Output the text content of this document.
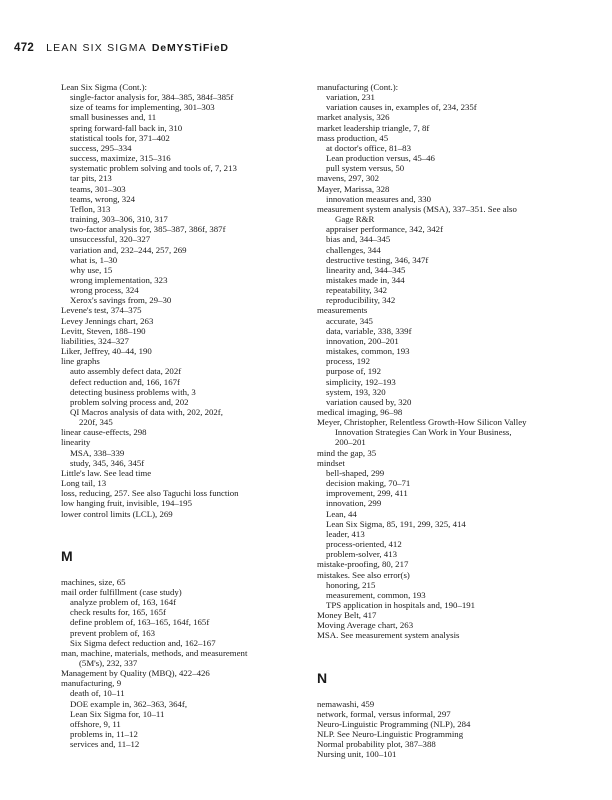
472 LEAN SIX SIGMA DeMYSTiFieD
Lean Six Sigma (Cont.):
single-factor analysis for, 384–385, 384f–385f
size of teams for implementing, 301–303
small businesses and, 11
spring forward-fall back in, 310
statistical tools for, 371–402
success, 295–334
success, maximize, 315–316
systematic problem solving and tools of, 7, 213
tar pits, 213
teams, 301–303
teams, wrong, 324
Teflon, 313
training, 303–306, 310, 317
two-factor analysis for, 385–387, 386f, 387f
unsuccessful, 320–327
variation and, 232–244, 257, 269
what is, 1–30
why use, 15
wrong implementation, 323
wrong process, 324
Xerox's savings from, 29–30
Levene's test, 374–375
Levey Jennings chart, 263
Levitt, Steven, 188–190
liabilities, 324–327
Liker, Jeffrey, 40–44, 190
line graphs
auto assembly defect data, 202f
defect reduction and, 166, 167f
detecting business problems with, 3
problem solving process and, 202
QI Macros analysis of data with, 202, 202f,
220f, 345
linear cause-effects, 298
linearity
MSA, 338–339
study, 345, 346, 345f
Little's law. See lead time
Long tail, 13
loss, reducing, 257. See also Taguchi loss function
low hanging fruit, invisible, 194–195
lower control limits (LCL), 269
M
machines, size, 65
mail order fulfillment (case study)
analyze problem of, 163, 164f
check results for, 165, 165f
define problem of, 163–165, 164f, 165f
prevent problem of, 163
Six Sigma defect reduction and, 162–167
man, machine, materials, methods, and measurement
(5M's), 232, 337
Management by Quality (MBQ), 422–426
manufacturing, 9
death of, 10–11
DOE example in, 362–363, 364f,
Lean Six Sigma for, 10–11
offshore, 9, 11
problems in, 11–12
services and, 11–12
manufacturing (Cont.):
variation, 231
variation causes in, examples of, 234, 235f
market analysis, 326
market leadership triangle, 7, 8f
mass production, 45
at doctor's office, 81–83
Lean production versus, 45–46
pull system versus, 50
mavens, 297, 302
Mayer, Marissa, 328
innovation measures and, 330
measurement system analysis (MSA), 337–351. See also
Gage R&R
appraiser performance, 342, 342f
bias and, 344–345
challenges, 344
destructive testing, 346, 347f
linearity and, 344–345
mistakes made in, 344
repeatability, 342
reproducibility, 342
measurements
accurate, 345
data, variable, 338, 339f
innovation, 200–201
mistakes, common, 193
process, 192
purpose of, 192
simplicity, 192–193
system, 193, 320
variation caused by, 320
medical imaging, 96–98
Meyer, Christopher, Relentless Growth-How Silicon Valley
Innovation Strategies Can Work in Your Business,
200–201
mind the gap, 35
mindset
bell-shaped, 299
decision making, 70–71
improvement, 299, 411
innovation, 299
Lean, 44
Lean Six Sigma, 85, 191, 299, 325, 414
leader, 413
process-oriented, 412
problem-solver, 413
mistake-proofing, 80, 217
mistakes. See also error(s)
honoring, 215
measurement, common, 193
TPS application in hospitals and, 190–191
Money Belt, 417
Moving Average chart, 263
MSA. See measurement system analysis
N
nemawashi, 459
network, formal, versus informal, 297
Neuro-Linguistic Programming (NLP), 284
NLP. See Neuro-Linguistic Programming
Normal probability plot, 387–388
Nursing unit, 100–101
